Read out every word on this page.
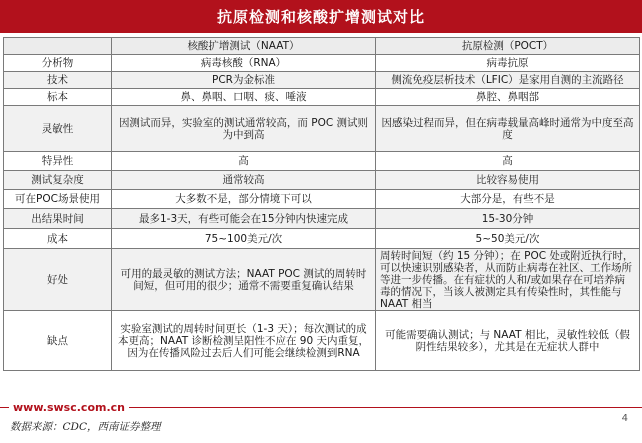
抗原检测和核酸扩增测试对比
	核酸扩增测试（NAAT）	抗原检测（POCT）
分析物	病毒核酸（RNA）	病毒抗原
技术	PCR为金标准	侧流免疫层析技术（LFIC）是家用自测的主流路径
标本	鼻、鼻咽、口咽、痰、唾液	鼻腔、鼻咽部
灵敏性	因测试而异，实验室的测试通常较高，而 POC 测试则为中到高	因感染过程而异，但在病毒载量高峰时通常为中度至高度
特异性	高	高
测试复杂度	通常较高	比较容易使用
可在POC场景使用	大多数不是，部分情境下可以	大部分是，有些不是
出结果时间	最多1-3天，有些可能会在15分钟内快速完成	15-30分钟
成本	75~100美元/次	5~50美元/次
好处	可用的最灵敏的测试方法；NAAT POC 测试的周转时间短，但可用的很少；通常不需要重复确认结果	周转时间短（约 15 分钟）；在 POC 处或附近执行时，可以快速识别感染者，从而防止病毒在社区、工作场所等进一步传播。在有症状的人和/或如果存在可培养病毒的情况下，当该人被测定具有传染性时，其性能与 NAAT 相当
缺点	实验室测试的周转时间更长（1-3 天）；每次测试的成本更高；NAAT 诊断检测呈阳性不应在 90 天内重复，因为在传播风险过去后人们可能会继续检测到RNA	可能需要确认测试；与 NAAT 相比，灵敏性较低（假阴性结果较多），尤其是在无症状人群中
www.swsc.com.cn
数据来源：CDC，西南证券整理
4
